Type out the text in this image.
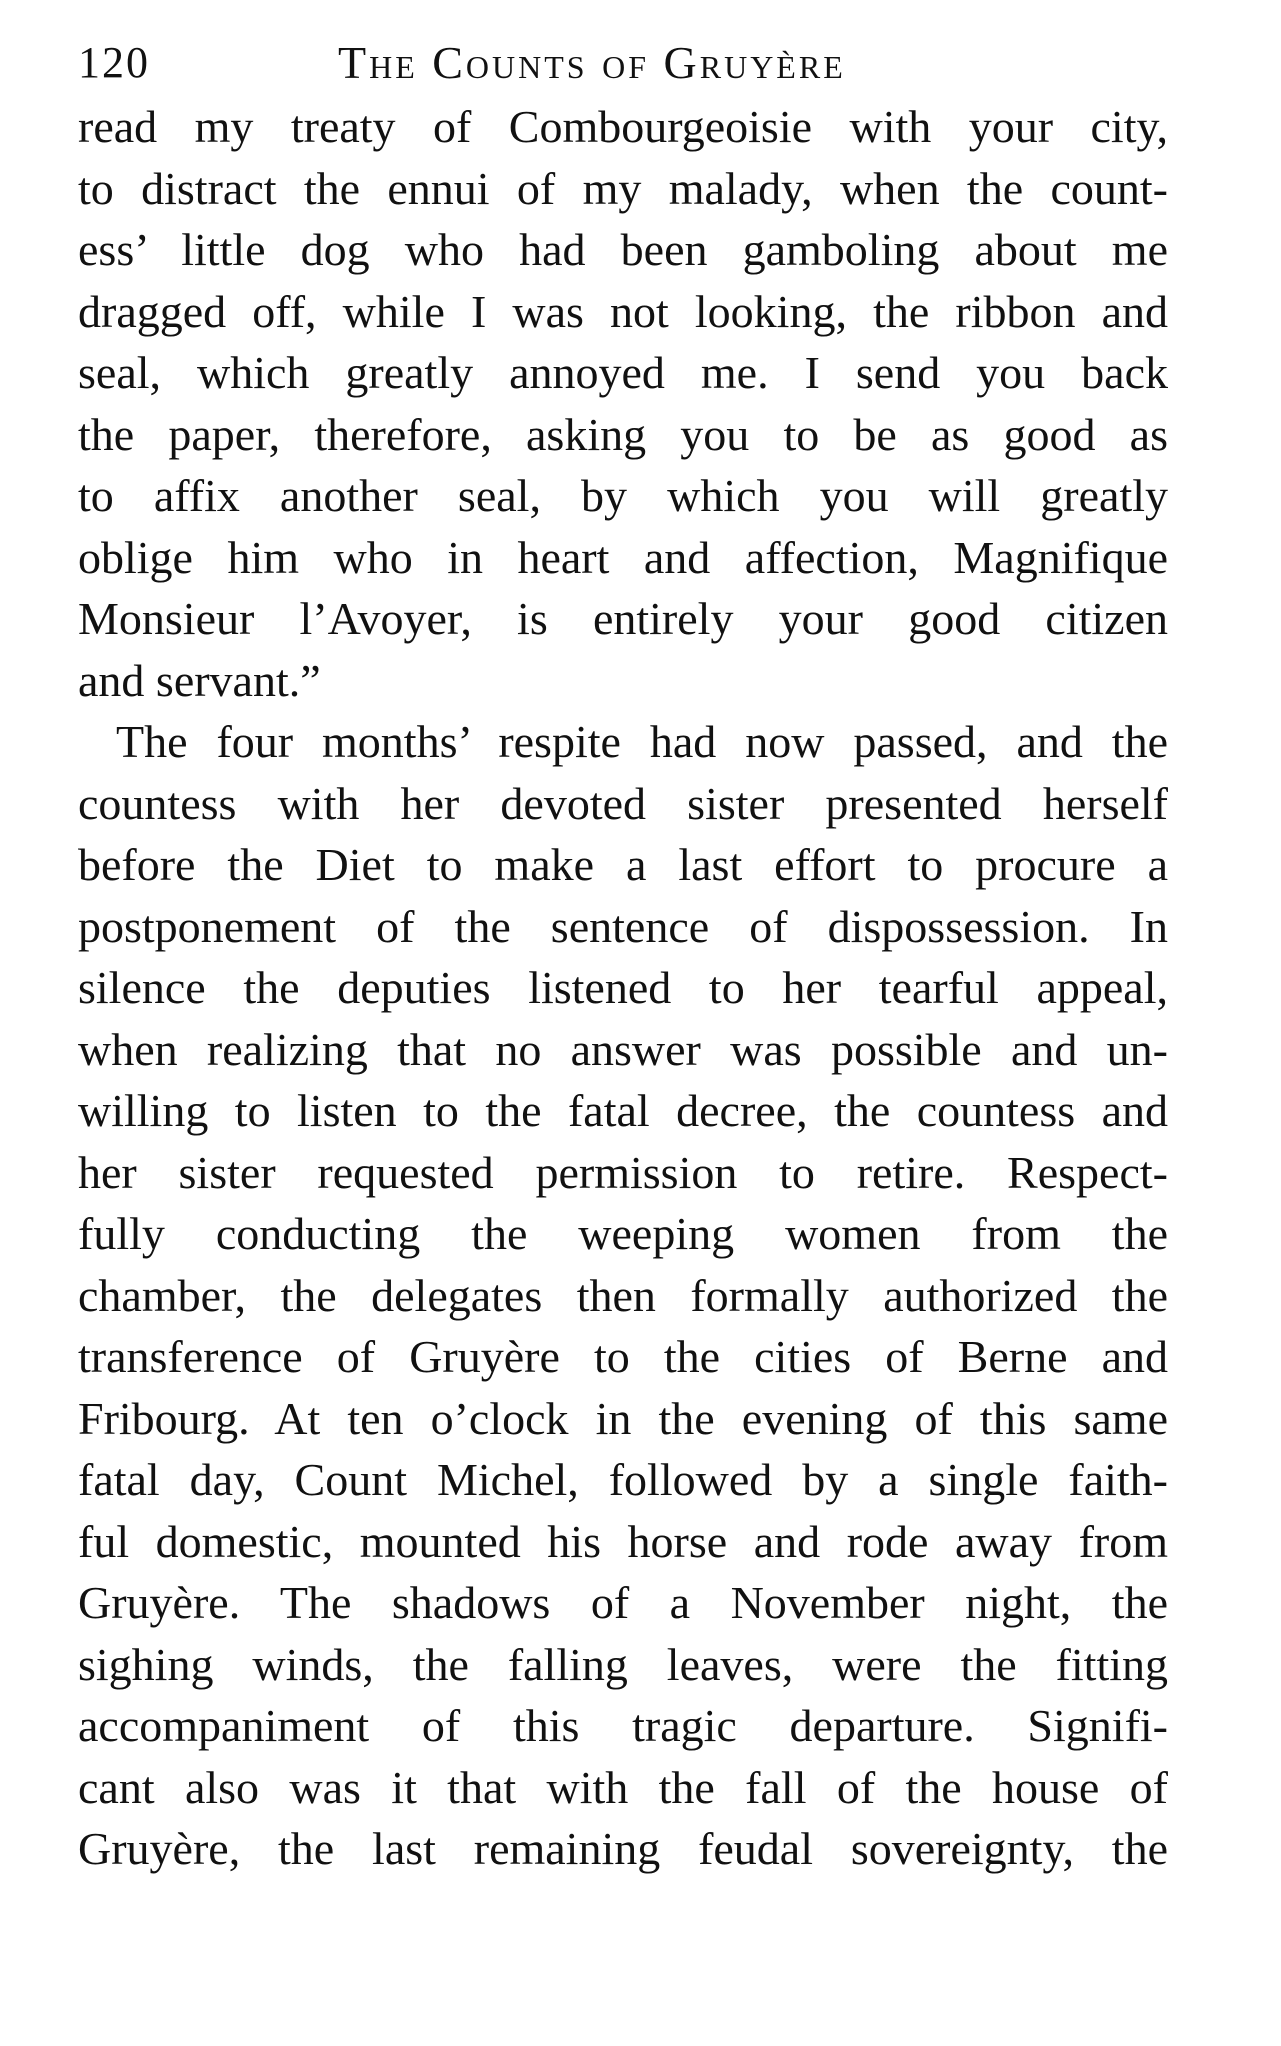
120	The Counts of Gruyère
read my treaty of Combourgeoisie with your city,
to distract the ennui of my malady, when the count-
ess’ little dog who had been gamboling about me
dragged off, while I was not looking, the ribbon and
seal, which greatly annoyed me. I send you back
the paper, therefore, asking you to be as good as
to affix another seal, by which you will greatly
oblige him who in heart and affection, Magnifique
Monsieur l’Avoyer, is entirely your good citizen
and servant.”
The four months’ respite had now passed, and the
countess with her devoted sister presented herself
before the Diet to make a last effort to procure a
postponement of the sentence of dispossession. In
silence the deputies listened to her tearful appeal,
when realizing that no answer was possible and un-
willing to listen to the fatal decree, the countess and
her sister requested permission to retire. Respect-
fully conducting the weeping women from the
chamber, the delegates then formally authorized the
transference of Gruyère to the cities of Berne and
Fribourg. At ten o’clock in the evening of this same
fatal day, Count Michel, followed by a single faith-
ful domestic, mounted his horse and rode away from
Gruyère. The shadows of a November night, the
sighing winds, the falling leaves, were the fitting
accompaniment of this tragic departure. Signifi-
cant also was it that with the fall of the house of
Gruyère, the last remaining feudal sovereignty, the
